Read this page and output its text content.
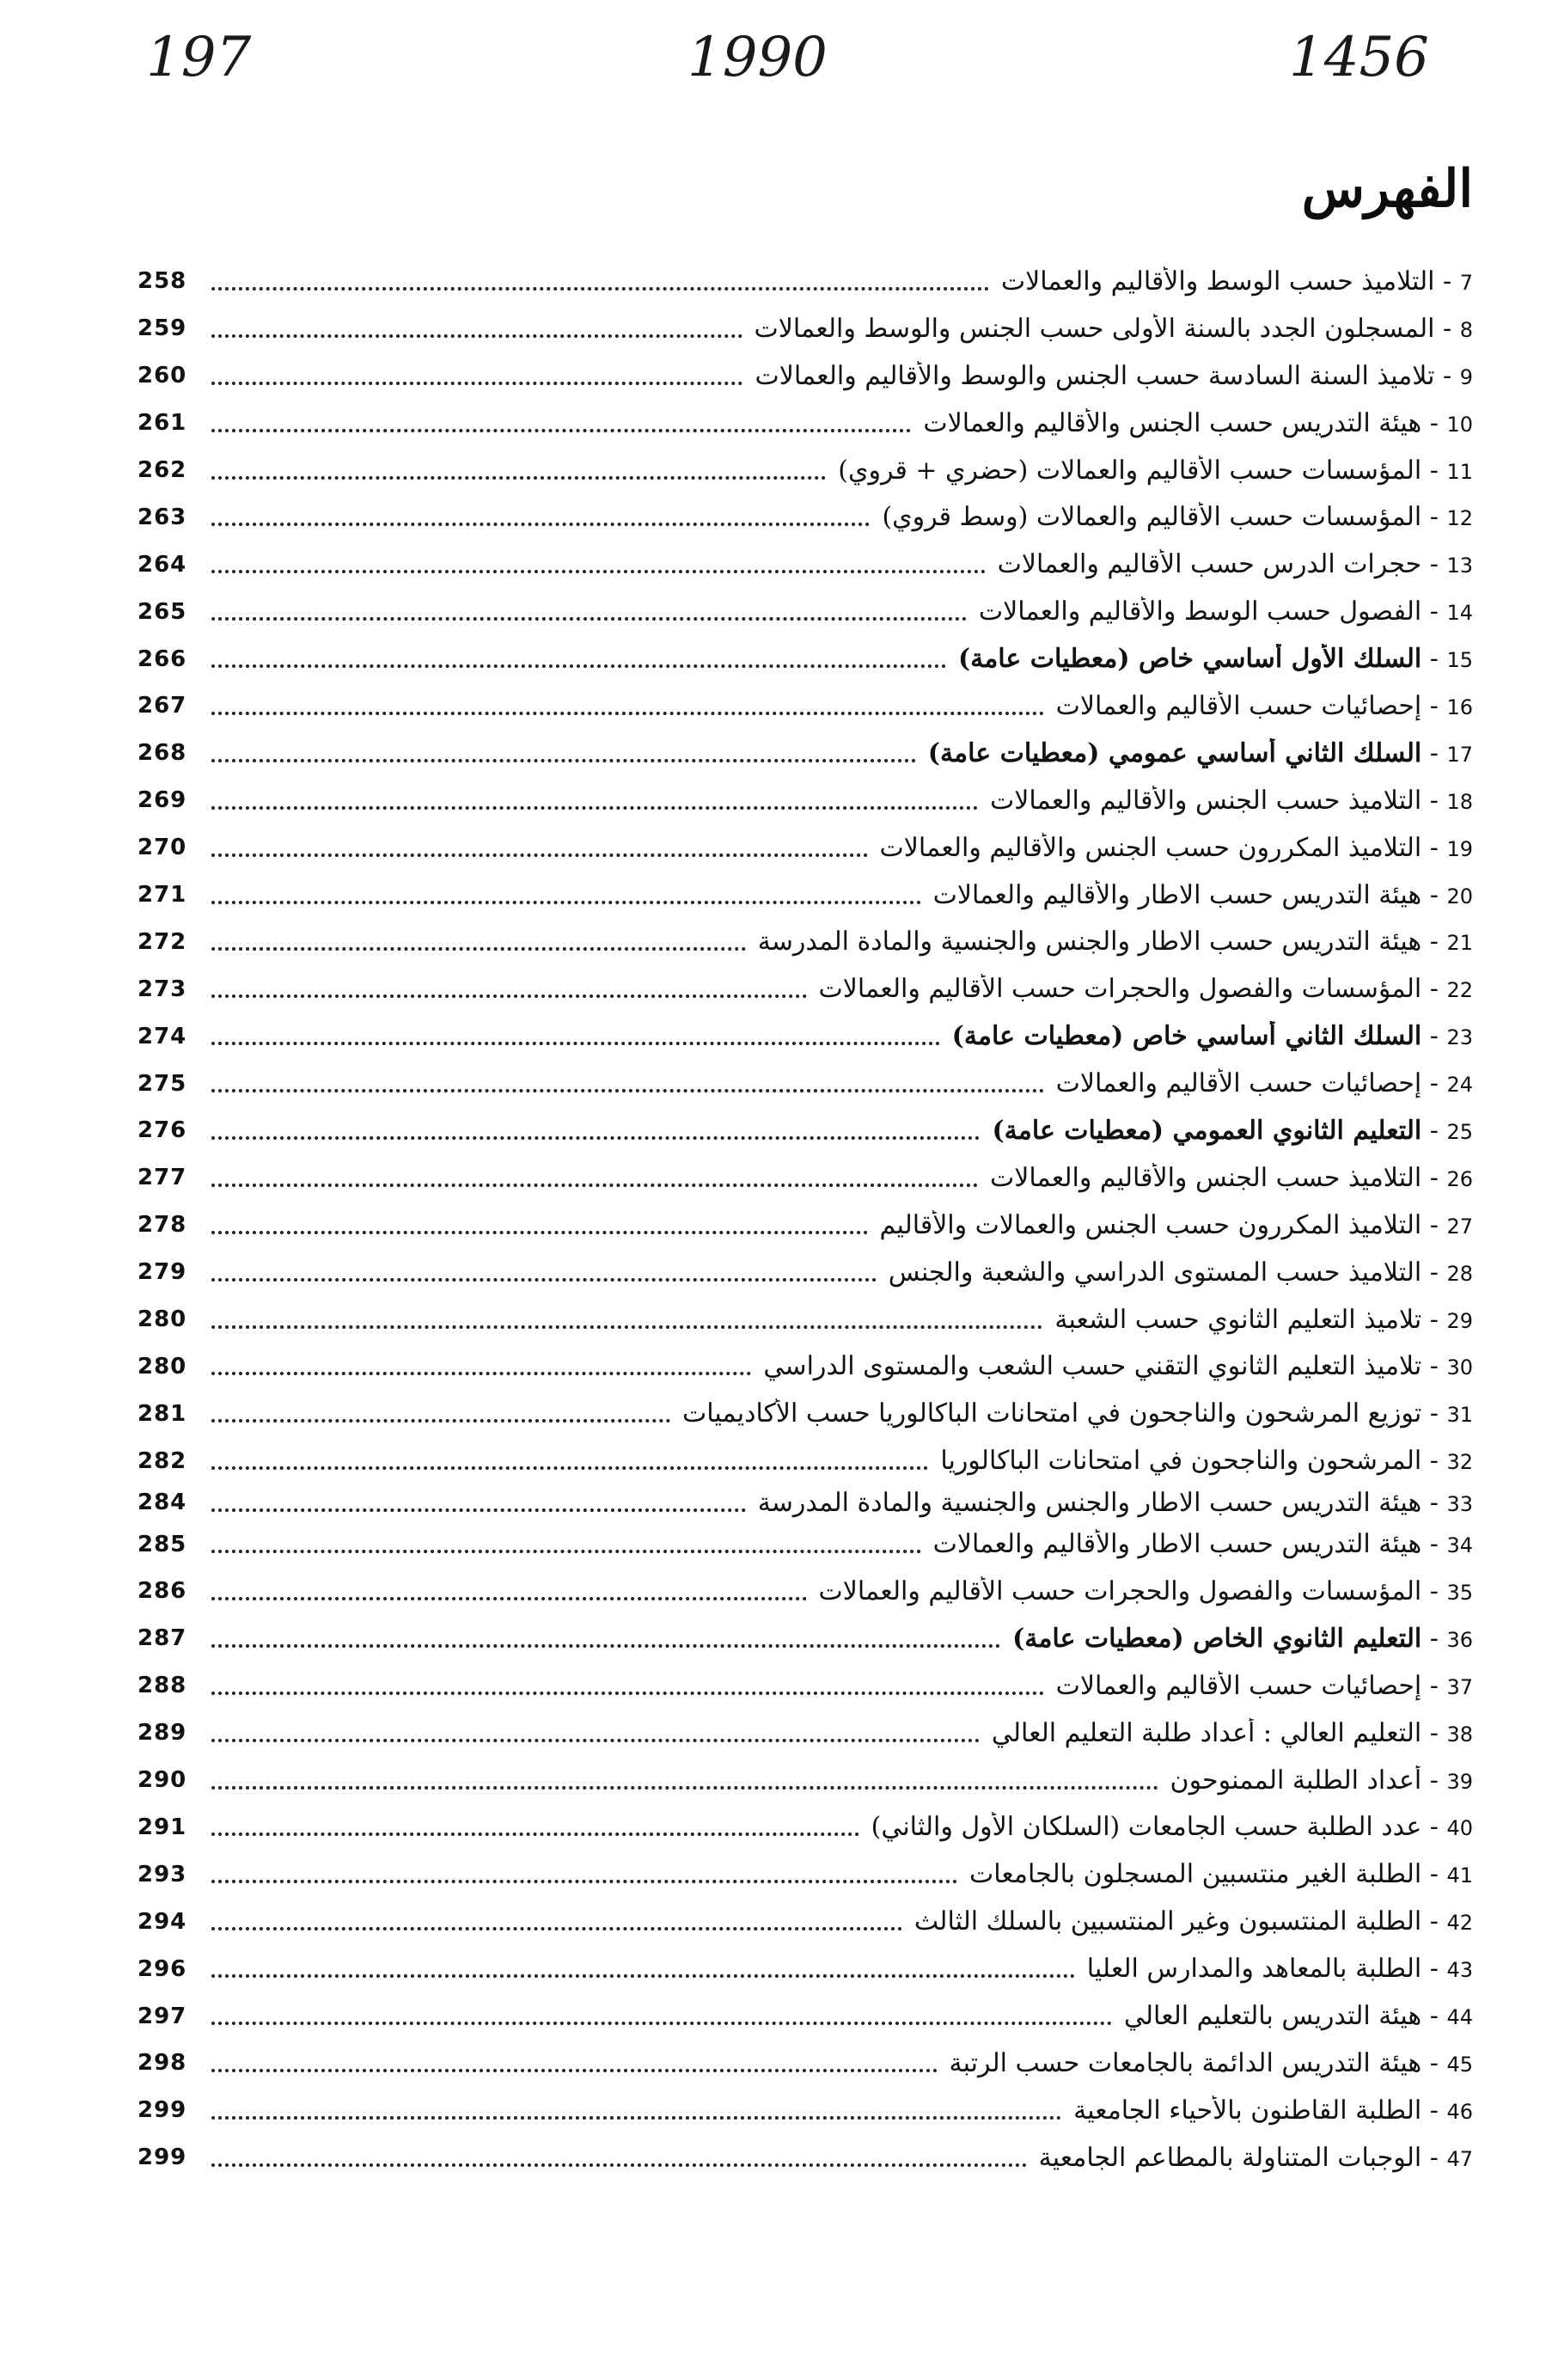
197	1990	1456
الفهرس
258	7 - التلاميذ حسب الوسط والأقاليم والعمالات
259	8 - المسجلون الجدد بالسنة الأولى حسب الجنس والوسط والعمالات
260	9 - تلاميذ السنة السادسة حسب الجنس والوسط والأقاليم والعمالات
261	10 - هيئة التدريس حسب الجنس والأقاليم والعمالات
262	11 - المؤسسات حسب الأقاليم والعمالات (حضري + قروي)
263	12 - المؤسسات حسب الأقاليم والعمالات (وسط قروي)
264	13 - حجرات الدرس حسب الأقاليم والعمالات
265	14 - الفصول حسب الوسط والأقاليم والعمالات
266	15 - السلك الأول أساسي خاص (معطيات عامة)
267	16 - إحصائيات حسب الأقاليم والعمالات
268	17 - السلك الثاني أساسي عمومي (معطيات عامة)
269	18 - التلاميذ حسب الجنس والأقاليم والعمالات
270	19 - التلاميذ المكررون حسب الجنس والأقاليم والعمالات
271	20 - هيئة التدريس حسب الاطار والأقاليم والعمالات
272	21 - هيئة التدريس حسب الاطار والجنس والجنسية والمادة المدرسة
273	22 - المؤسسات والفصول والحجرات حسب الأقاليم والعمالات
274	23 - السلك الثاني أساسي خاص (معطيات عامة)
275	24 - إحصائيات حسب الأقاليم والعمالات
276	25 - التعليم الثانوي العمومي (معطيات عامة)
277	26 - التلاميذ حسب الجنس والأقاليم والعمالات
278	27 - التلاميذ المكررون حسب الجنس والعمالات والأقاليم
279	28 - التلاميذ حسب المستوى الدراسي والشعبة والجنس
280	29 - تلاميذ التعليم الثانوي حسب الشعبة
280	30 - تلاميذ التعليم الثانوي التقني حسب الشعب والمستوى الدراسي
281	31 - توزيع المرشحون والناجحون في امتحانات الباكالوريا حسب الأكاديميات
282	32 - المرشحون والناجحون في امتحانات الباكالوريا
284	33 - هيئة التدريس حسب الاطار والجنس والجنسية والمادة المدرسة
285	34 - هيئة التدريس حسب الاطار والأقاليم والعمالات
286	35 - المؤسسات والفصول والحجرات حسب الأقاليم والعمالات
287	36 - التعليم الثانوي الخاص (معطيات عامة)
288	37 - إحصائيات حسب الأقاليم والعمالات
289	38 - التعليم العالي : أعداد طلبة التعليم العالي
290	39 - أعداد الطلبة الممنوحون
291	40 - عدد الطلبة حسب الجامعات (السلكان الأول والثاني)
293	41 - الطلبة الغير منتسبين المسجلون بالجامعات
294	42 - الطلبة المنتسبون وغير المنتسبين بالسلك الثالث
296	43 - الطلبة بالمعاهد والمدارس العليا
297	44 - هيئة التدريس بالتعليم العالي
298	45 - هيئة التدريس الدائمة بالجامعات حسب الرتبة
299	46 - الطلبة القاطنون بالأحياء الجامعية
299	47 - الوجبات المتناولة بالمطاعم الجامعية
